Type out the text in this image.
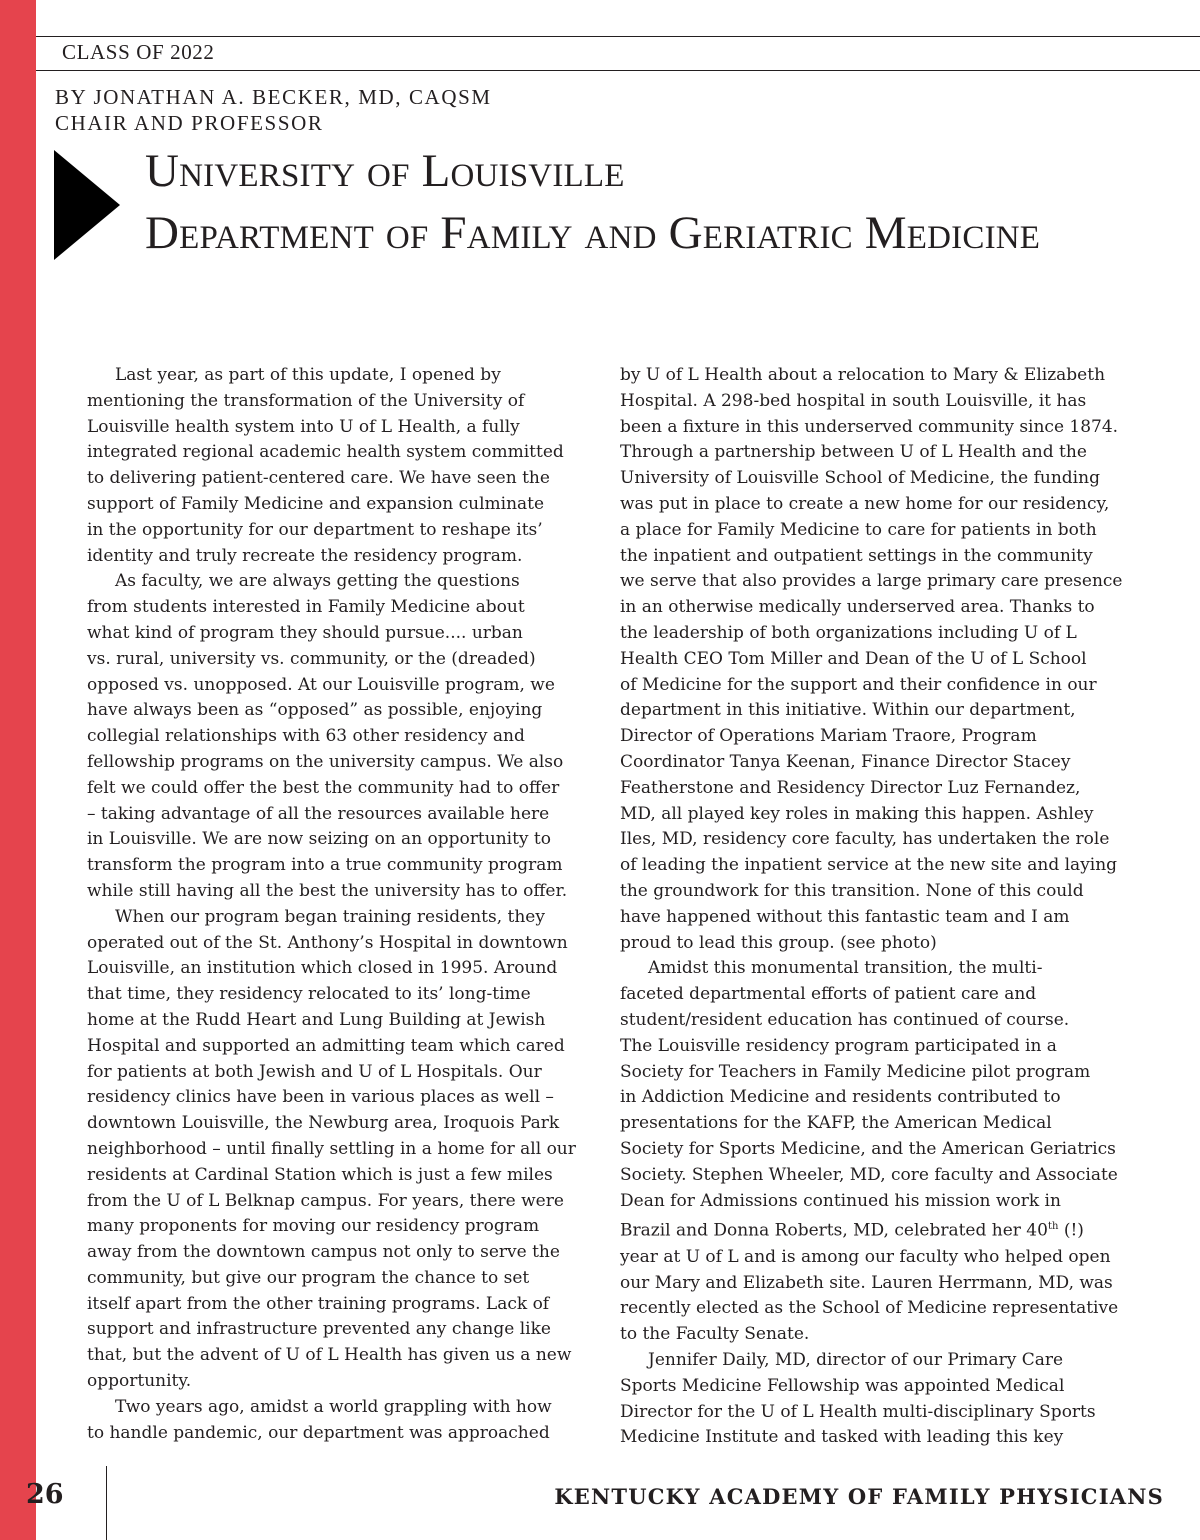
CLASS OF 2022
BY JONATHAN A. BECKER, MD, CAQSM
CHAIR AND PROFESSOR
University of Louisville
Department of Family and Geriatric Medicine

Last year, as part of this update, I opened by
mentioning the transformation of the University of
Louisville health system into U of L Health, a fully
integrated regional academic health system committed
to delivering patient-centered care. We have seen the
support of Family Medicine and expansion culminate
in the opportunity for our department to reshape its’
identity and truly recreate the residency program.

As faculty, we are always getting the questions
from students interested in Family Medicine about
what kind of program they should pursue.... urban
vs. rural, university vs. community, or the (dreaded)
opposed vs. unopposed. At our Louisville program, we
have always been as “opposed” as possible, enjoying
collegial relationships with 63 other residency and
fellowship programs on the university campus. We also
felt we could offer the best the community had to offer
– taking advantage of all the resources available here
in Louisville. We are now seizing on an opportunity to
transform the program into a true community program
while still having all the best the university has to offer.

When our program began training residents, they
operated out of the St. Anthony’s Hospital in downtown
Louisville, an institution which closed in 1995. Around
that time, they residency relocated to its’ long-time
home at the Rudd Heart and Lung Building at Jewish
Hospital and supported an admitting team which cared
for patients at both Jewish and U of L Hospitals. Our
residency clinics have been in various places as well –
downtown Louisville, the Newburg area, Iroquois Park
neighborhood – until finally settling in a home for all our
residents at Cardinal Station which is just a few miles
from the U of L Belknap campus. For years, there were
many proponents for moving our residency program
away from the downtown campus not only to serve the
community, but give our program the chance to set
itself apart from the other training programs. Lack of
support and infrastructure prevented any change like
that, but the advent of U of L Health has given us a new
opportunity.

Two years ago, amidst a world grappling with how
to handle pandemic, our department was approached

by U of L Health about a relocation to Mary & Elizabeth
Hospital. A 298-bed hospital in south Louisville, it has
been a fixture in this underserved community since 1874.
Through a partnership between U of L Health and the
University of Louisville School of Medicine, the funding
was put in place to create a new home for our residency,
a place for Family Medicine to care for patients in both
the inpatient and outpatient settings in the community
we serve that also provides a large primary care presence
in an otherwise medically underserved area. Thanks to
the leadership of both organizations including U of L
Health CEO Tom Miller and Dean of the U of L School
of Medicine for the support and their confidence in our
department in this initiative. Within our department,
Director of Operations Mariam Traore, Program
Coordinator Tanya Keenan, Finance Director Stacey
Featherstone and Residency Director Luz Fernandez,
MD, all played key roles in making this happen. Ashley
Iles, MD, residency core faculty, has undertaken the role
of leading the inpatient service at the new site and laying
the groundwork for this transition. None of this could
have happened without this fantastic team and I am
proud to lead this group. (see photo)

Amidst this monumental transition, the multi-
faceted departmental efforts of patient care and
student/resident education has continued of course.
The Louisville residency program participated in a
Society for Teachers in Family Medicine pilot program
in Addiction Medicine and residents contributed to
presentations for the KAFP, the American Medical
Society for Sports Medicine, and the American Geriatrics
Society. Stephen Wheeler, MD, core faculty and Associate
Dean for Admissions continued his mission work in
Brazil and Donna Roberts, MD, celebrated her 40th (!)
year at U of L and is among our faculty who helped open
our Mary and Elizabeth site. Lauren Herrmann, MD, was
recently elected as the School of Medicine representative
to the Faculty Senate.

Jennifer Daily, MD, director of our Primary Care
Sports Medicine Fellowship was appointed Medical
Director for the U of L Health multi-disciplinary Sports
Medicine Institute and tasked with leading this key

26	KENTUCKY ACADEMY OF FAMILY PHYSICIANS
